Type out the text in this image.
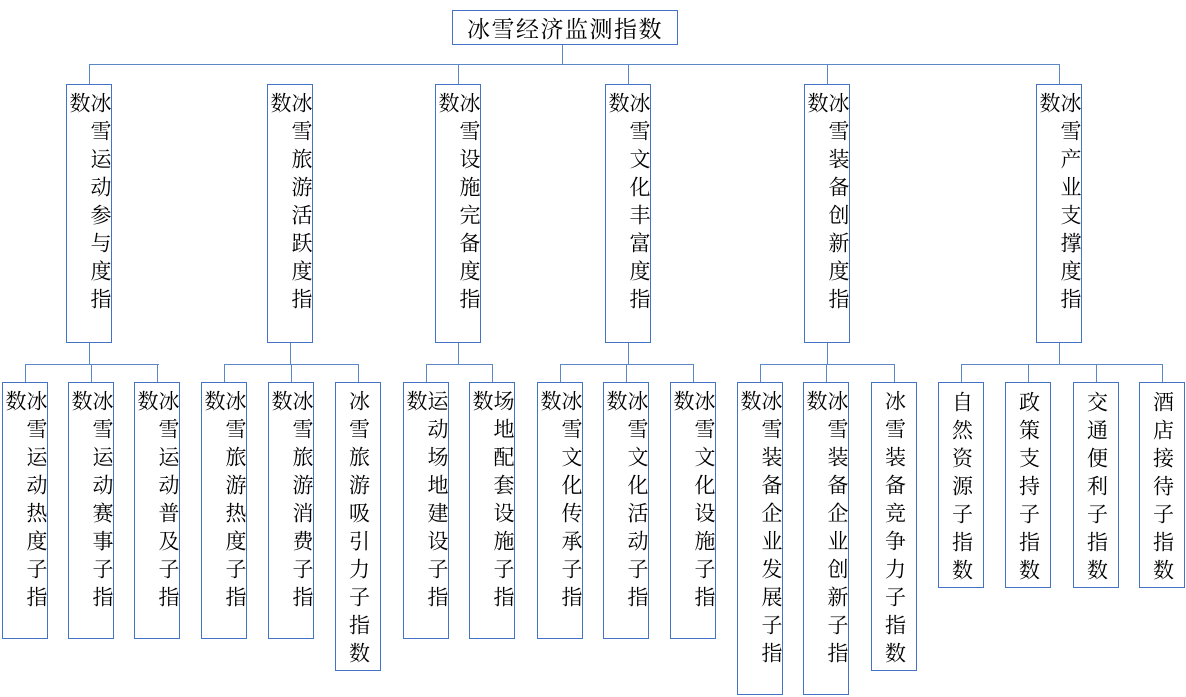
冰雪经济监测指数
冰雪运动参与度指数	冰雪旅游活跃度指数	冰雪设施完备度指数	冰雪文化丰富度指数	冰雪装备创新度指数	冰雪产业支撑度指数
冰雪运动热度子指数	冰雪运动赛事子指数	冰雪运动普及子指数	冰雪旅游热度子指数	冰雪旅游消费子指数	冰雪旅游吸引力子指数	运动场地建设子指数	场地配套设施子指数	冰雪文化传承子指数	冰雪文化活动子指数	冰雪文化设施子指数	冰雪装备企业发展子指数	冰雪装备企业创新子指数	冰雪装备竞争力子指数 自然资源子指数 政策支持子指数 交通便利子指数 酒店接待子指数
